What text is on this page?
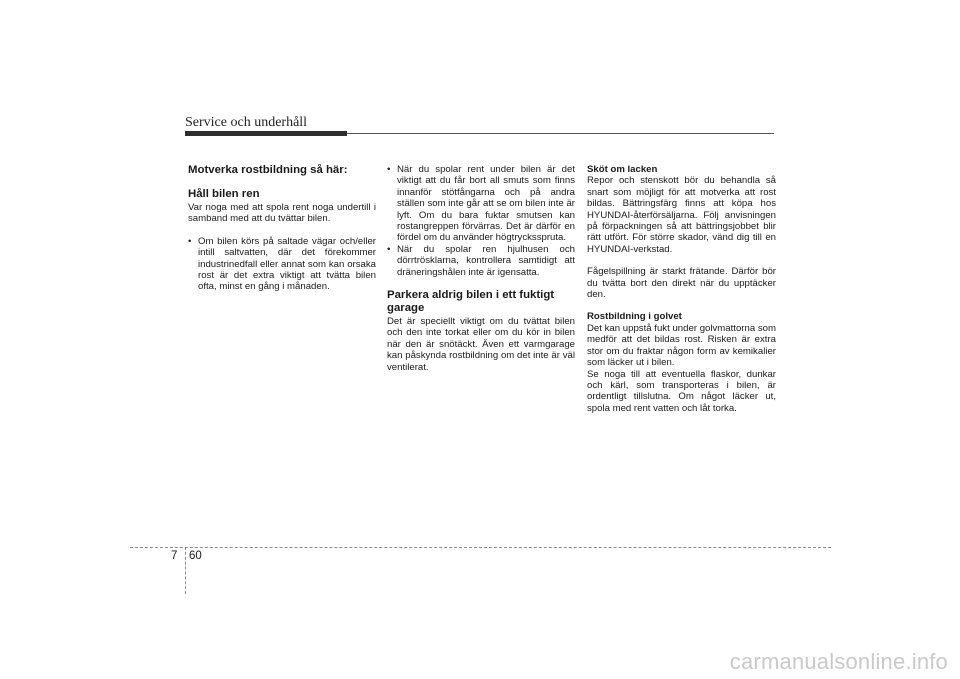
Service och underhåll
Motverka rostbildning så här:
Håll bilen ren

Var noga med att spola rent noga undertill i samband med att du tvättar bilen.

• Om bilen körs på saltade vägar och/eller intill saltvatten, där det förekommer industrinedfall eller annat som kan orsaka rost är det extra viktigt att tvätta bilen ofta, minst en gång i månaden.

• När du spolar rent under bilen är det viktigt att du får bort all smuts som finns innanför stötfångarna och på andra ställen som inte går att se om bilen inte är lyft. Om du bara fuktar smutsen kan rostangreppen förvärras. Det är därför en fördel om du använder högtrycksspruta.

• När du spolar ren hjulhusen och dörrtrösklarna, kontrollera samtidigt att dräneringshålen inte är igensatta.

Parkera aldrig bilen i ett fuktigt garage

Det är speciellt viktigt om du tvättat bilen och den inte torkat eller om du kör in bilen när den är snötäckt. Även ett varmgarage kan påskynda rostbildning om det inte är väl ventilerat.

Sköt om lacken

Repor och stenskott bör du behandla så snart som möjligt för att motverka att rost bildas. Bättringsfärg finns att köpa hos HYUNDAI-återförsäljarna. Följ anvisningen på förpackningen så att bättringsjobbet blir rätt utfört. För större skador, vänd dig till en HYUNDAI-verkstad.

Fågelspillning är starkt frätande. Därför bör du tvätta bort den direkt när du upptäcker den.

Rostbildning i golvet

Det kan uppstå fukt under golvmattorna som medför att det bildas rost. Risken är extra stor om du fraktar någon form av kemikalier som läcker ut i bilen.

Se noga till att eventuella flaskor, dunkar och kärl, som transporteras i bilen, är ordentligt tillslutna. Om något läcker ut, spola med rent vatten och låt torka.

7 60
carmanualsonline.info
